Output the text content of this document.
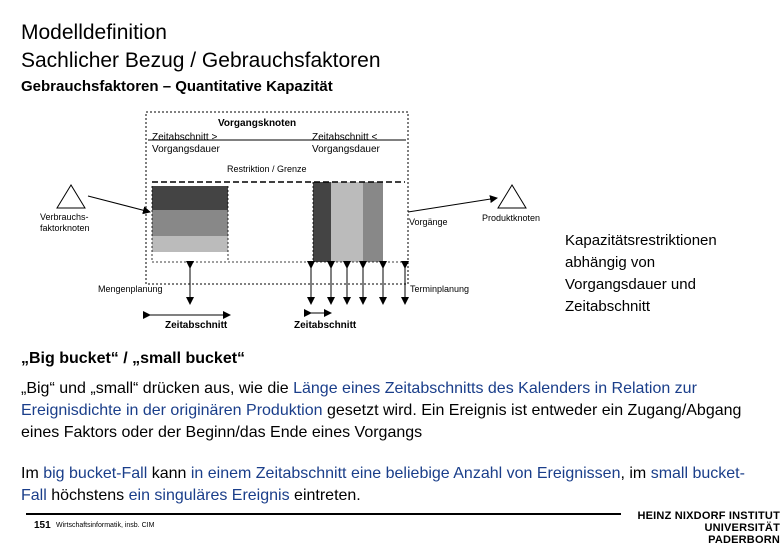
Modelldefinition
Sachlicher Bezug / Gebrauchsfaktoren
Gebrauchsfaktoren – Quantitative Kapazität
Vorgangsknoten
Zeitabschnitt >
Vorgangsdauer
Zeitabschnitt <
Vorgangsdauer
Restriktion / Grenze
Verbrauchs-
faktorknoten
Vorgänge	Produktknoten
Mengenplanung	Terminplanung
Zeitabschnitt	Zeitabschnitt
Kapazitätsrestriktionen
abhängig von
Vorgangsdauer und
Zeitabschnitt
„Big bucket“ / „small bucket“
„Big“ und „small“ drücken aus, wie die Länge eines Zeitabschnitts des Kalenders in Relation zur Ereignisdichte in der originären Produktion gesetzt wird. Ein Ereignis ist entweder ein Zugang/Abgang eines Faktors oder der Beginn/das Ende eines Vorgangs
Im big bucket-Fall kann in einem Zeitabschnitt eine beliebige Anzahl von Ereignissen, im small bucket-Fall höchstens ein singuläres Ereignis eintreten.
151 Wirtschaftsinformatik, insb. CIM
HEINZ NIXDORF INSTITUT
UNIVERSITÄT PADERBORN
